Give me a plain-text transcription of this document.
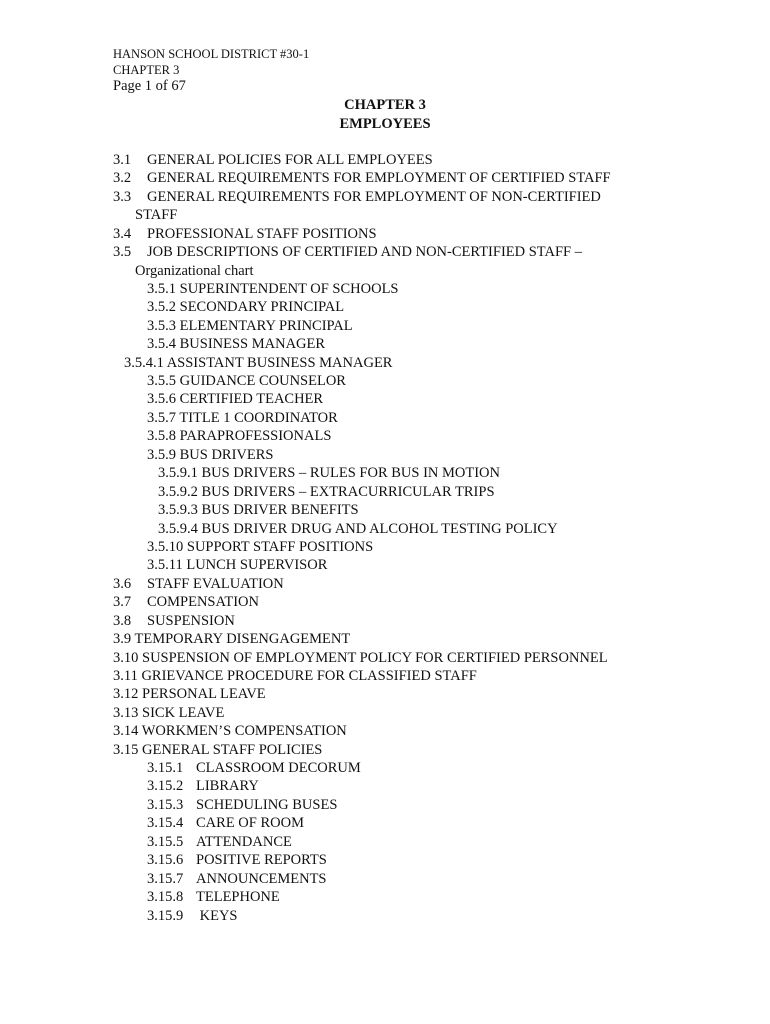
HANSON SCHOOL DISTRICT #30-1
CHAPTER 3
Page 1 of 67
CHAPTER 3
EMPLOYEES
3.1 GENERAL POLICIES FOR ALL EMPLOYEES
3.2 GENERAL REQUIREMENTS FOR EMPLOYMENT OF CERTIFIED STAFF
3.3 GENERAL REQUIREMENTS FOR EMPLOYMENT OF NON-CERTIFIED
STAFF
3.4 PROFESSIONAL STAFF POSITIONS
3.5 JOB DESCRIPTIONS OF CERTIFIED AND NON-CERTIFIED STAFF –
Organizational chart
3.5.1 SUPERINTENDENT OF SCHOOLS
3.5.2 SECONDARY PRINCIPAL
3.5.3 ELEMENTARY PRINCIPAL
3.5.4 BUSINESS MANAGER
3.5.4.1 ASSISTANT BUSINESS MANAGER
3.5.5 GUIDANCE COUNSELOR
3.5.6 CERTIFIED TEACHER
3.5.7 TITLE 1 COORDINATOR
3.5.8 PARAPROFESSIONALS
3.5.9 BUS DRIVERS
3.5.9.1 BUS DRIVERS – RULES FOR BUS IN MOTION
3.5.9.2 BUS DRIVERS – EXTRACURRICULAR TRIPS
3.5.9.3 BUS DRIVER BENEFITS
3.5.9.4 BUS DRIVER DRUG AND ALCOHOL TESTING POLICY
3.5.10 SUPPORT STAFF POSITIONS
3.5.11 LUNCH SUPERVISOR
3.6 STAFF EVALUATION
3.7 COMPENSATION
3.8 SUSPENSION
3.9 TEMPORARY DISENGAGEMENT
3.10 SUSPENSION OF EMPLOYMENT POLICY FOR CERTIFIED PERSONNEL
3.11 GRIEVANCE PROCEDURE FOR CLASSIFIED STAFF
3.12 PERSONAL LEAVE
3.13 SICK LEAVE
3.14 WORKMEN’S COMPENSATION
3.15 GENERAL STAFF POLICIES
3.15.1 CLASSROOM DECORUM
3.15.2 LIBRARY
3.15.3 SCHEDULING BUSES
3.15.4 CARE OF ROOM
3.15.5 ATTENDANCE
3.15.6 POSITIVE REPORTS
3.15.7 ANNOUNCEMENTS
3.15.8 TELEPHONE
3.15.9 KEYS
